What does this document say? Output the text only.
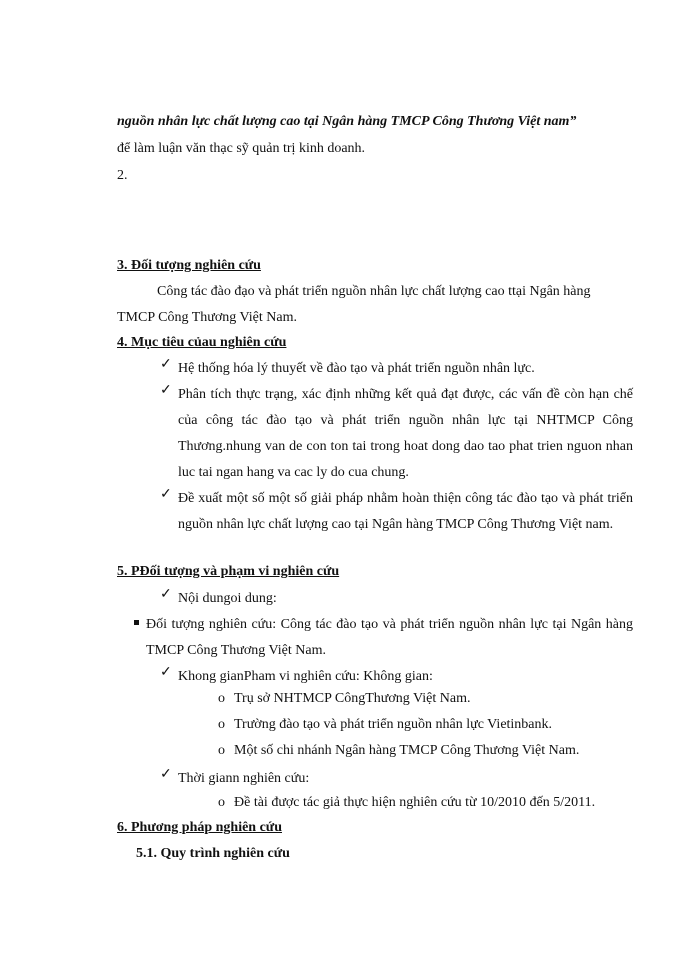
nguồn nhân lực chất lượng cao tại Ngân hàng TMCP Công Thương Việt nam”
để làm luận văn thạc sỹ quản trị kinh doanh.
2.
3. Đối tượng nghiên cứu
Công tác đào đạo và phát triển nguồn nhân lực chất lượng cao ttại Ngân hàng
TMCP Công Thương Việt Nam.
4. Mục tiêu củau nghiên cứu
✓ Hệ thống hóa lý thuyết về đào tạo và phát triển nguồn nhân lực.
✓ Phân tích thực trạng, xác định những kết quả đạt được, các vấn đề còn hạn chế của công tác đào tạo và phát triển nguồn nhân lực tại NHTMCP Công Thương.nhung van de con ton tai trong hoat dong dao tao phat trien nguon nhan luc tai ngan hang va cac ly do cua chung.
✓ Đề xuất một số một số giải pháp nhằm hoàn thiện công tác đào tạo và phát triển nguồn nhân lực chất lượng cao tại Ngân hàng TMCP Công Thương Việt nam.
5. PĐối tượng và phạm vi nghiên cứu
✓ Nội dungoi dung:
Đối tượng nghiên cứu: Công tác đào tạo và phát triển nguồn nhân lực tại Ngân hàng TMCP Công Thương Việt Nam.
✓ Khong gianPham vi nghiên cứu: Không gian:
o Trụ sở NHTMCP CôngThương Việt Nam.
o Trường đào tạo và phát triển nguồn nhân lực Vietinbank.
o Một số chi nhánh Ngân hàng TMCP Công Thương Việt Nam.
✓ Thời giann nghiên cứu:
o Đề tài được tác giả thực hiện nghiên cứu từ 10/2010 đến 5/2011.
6. Phương pháp nghiên cứu
5.1. Quy trình nghiên cứu
